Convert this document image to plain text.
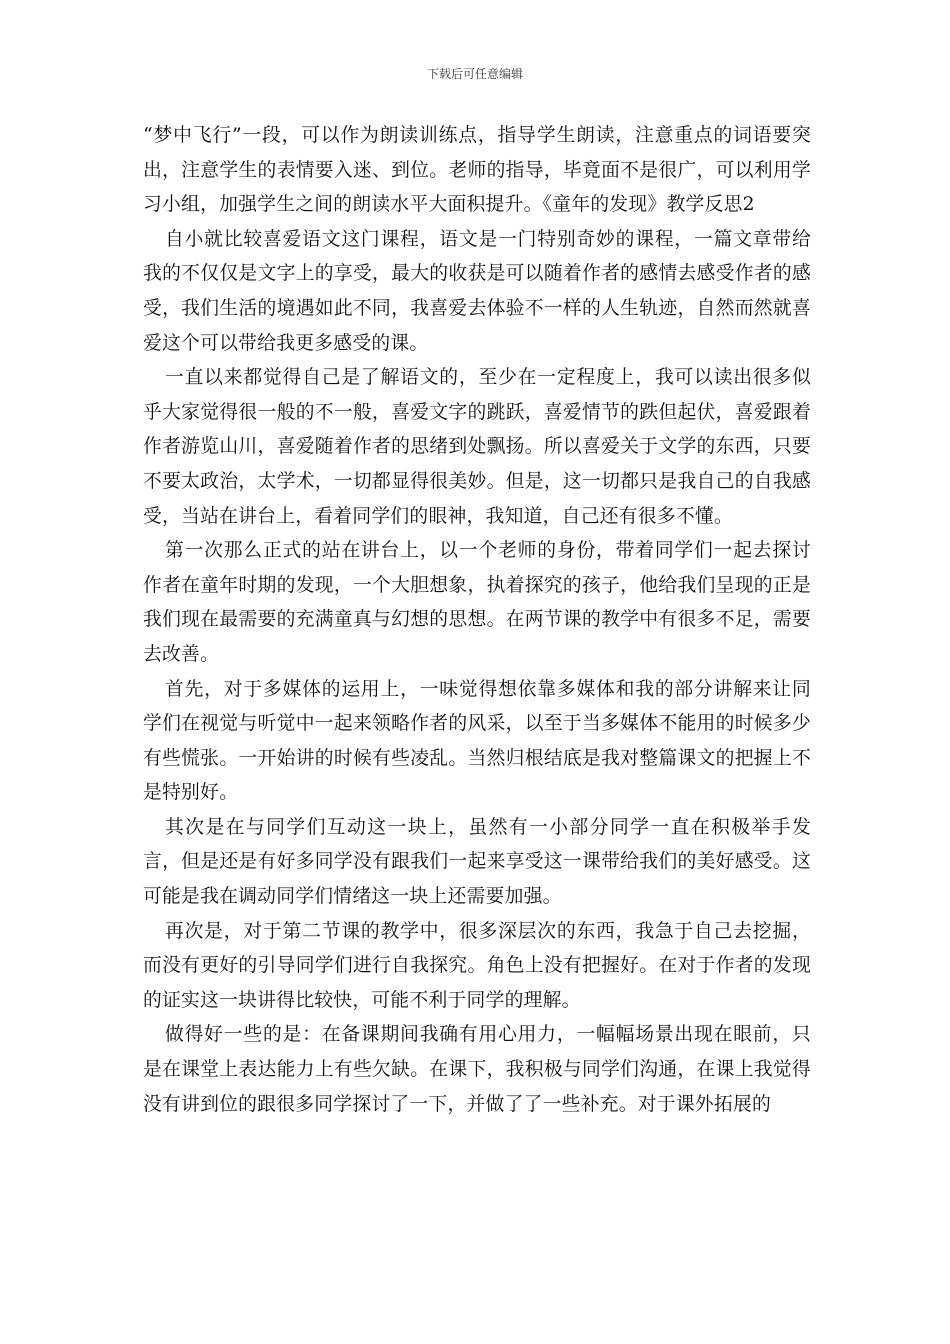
下载后可任意编辑

“梦中飞行”一段，可以作为朗读训练点，指导学生朗读，注意重点的词语要突出，注意学生的表情要入迷、到位。老师的指导，毕竟面不是很广，可以利用学习小组，加强学生之间的朗读水平大面积提升。《童年的发现》教学反思2

自小就比较喜爱语文这门课程，语文是一门特别奇妙的课程，一篇文章带给我的不仅仅是文字上的享受，最大的收获是可以随着作者的感情去感受作者的感受，我们生活的境遇如此不同，我喜爱去体验不一样的人生轨迹，自然而然就喜爱这个可以带给我更多感受的课。

一直以来都觉得自己是了解语文的，至少在一定程度上，我可以读出很多似乎大家觉得很一般的不一般，喜爱文字的跳跃，喜爱情节的跌但起伏，喜爱跟着作者游览山川，喜爱随着作者的思绪到处飘扬。所以喜爱关于文学的东西，只要不要太政治，太学术，一切都显得很美妙。但是，这一切都只是我自己的自我感受，当站在讲台上，看着同学们的眼神，我知道，自己还有很多不懂。

第一次那么正式的站在讲台上，以一个老师的身份，带着同学们一起去探讨作者在童年时期的发现，一个大胆想象，执着探究的孩子，他给我们呈现的正是我们现在最需要的充满童真与幻想的思想。在两节课的教学中有很多不足，需要去改善。

首先，对于多媒体的运用上，一味觉得想依靠多媒体和我的部分讲解来让同学们在视觉与听觉中一起来领略作者的风采，以至于当多媒体不能用的时候多少有些慌张。一开始讲的时候有些凌乱。当然归根结底是我对整篇课文的把握上不是特别好。

其次是在与同学们互动这一块上，虽然有一小部分同学一直在积极举手发言，但是还是有好多同学没有跟我们一起来享受这一课带给我们的美好感受。这可能是我在调动同学们情绪这一块上还需要加强。

再次是，对于第二节课的教学中，很多深层次的东西，我急于自己去挖掘，而没有更好的引导同学们进行自我探究。角色上没有把握好。在对于作者的发现的证实这一块讲得比较快，可能不利于同学的理解。

做得好一些的是：在备课期间我确有用心用力，一幅幅场景出现在眼前，只是在课堂上表达能力上有些欠缺。在课下，我积极与同学们沟通，在课上我觉得没有讲到位的跟很多同学探讨了一下，并做了了一些补充。对于课外拓展的
